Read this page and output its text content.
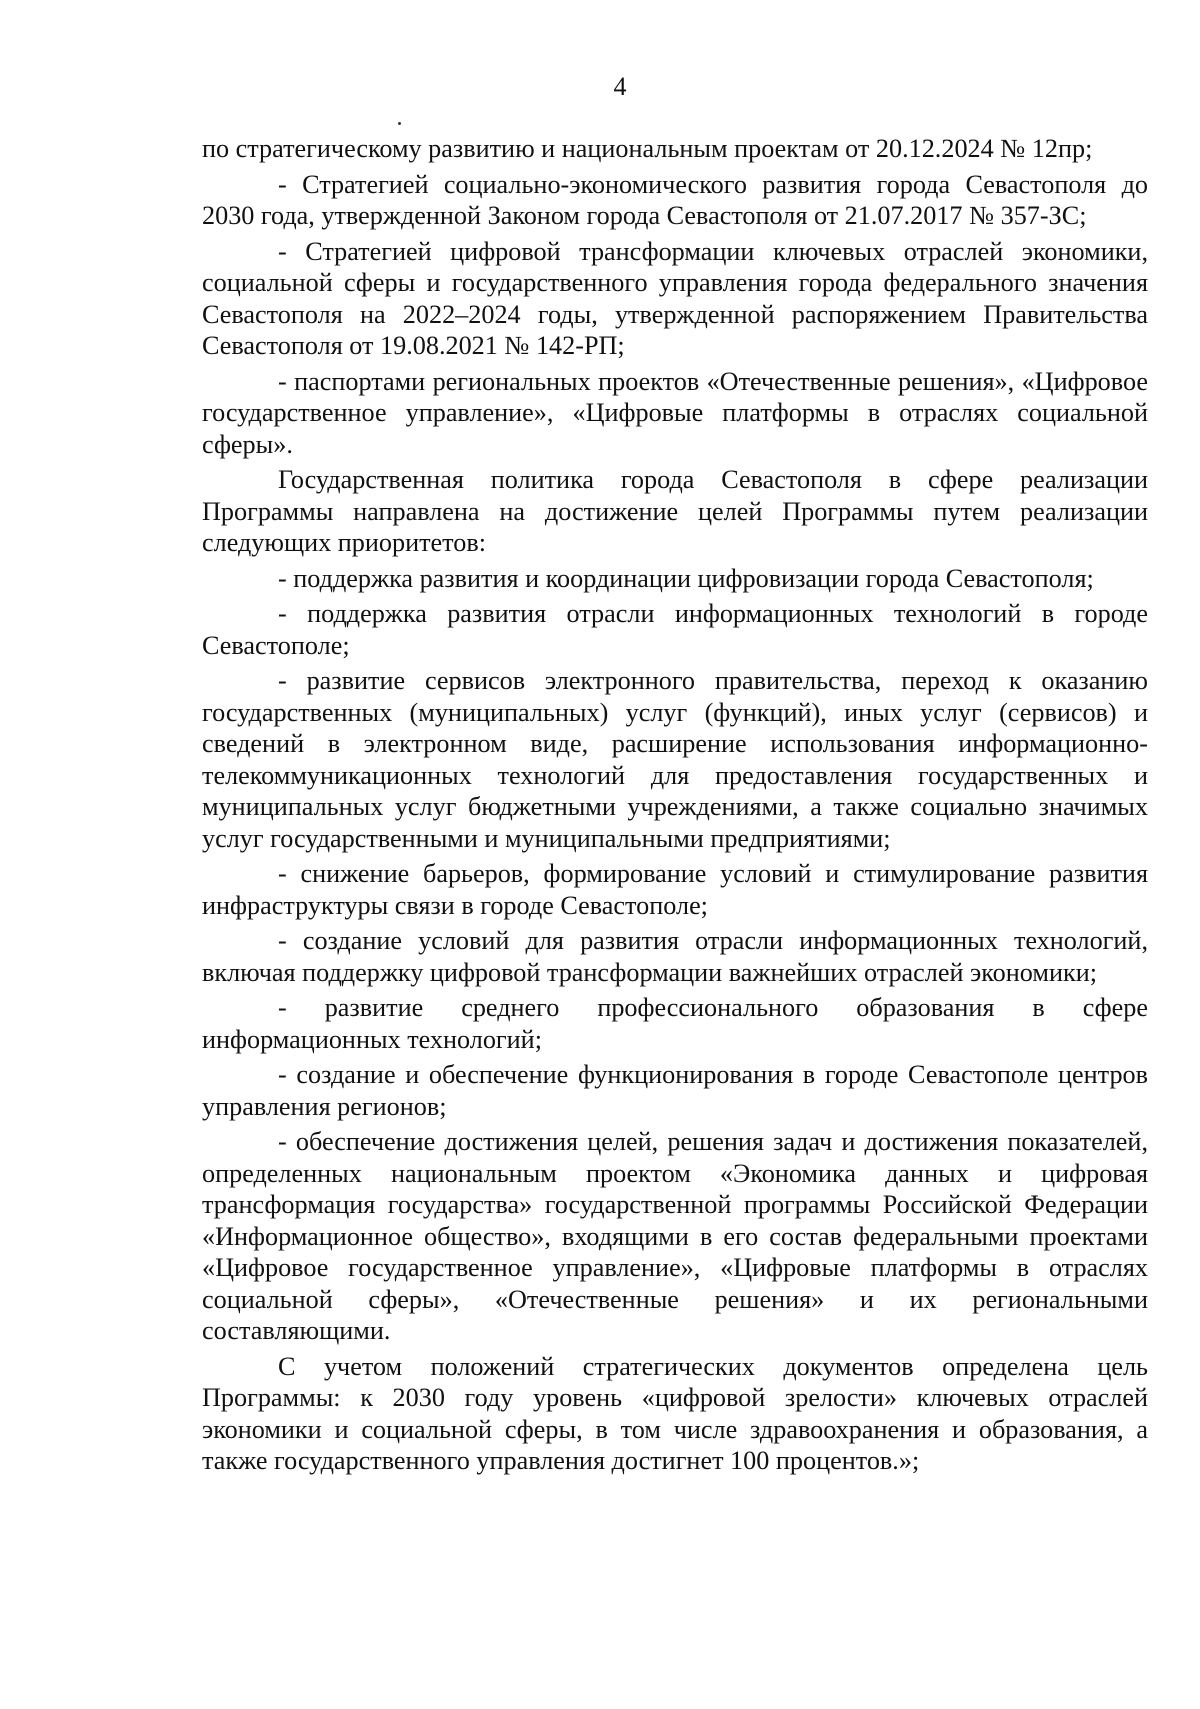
4

по стратегическому развитию и национальным проектам от 20.12.2024 № 12пр;

- Стратегией социально-экономического развития города Севастополя до 2030 года, утвержденной Законом города Севастополя от 21.07.2017 № 357-ЗС;

- Стратегией цифровой трансформации ключевых отраслей экономики, социальной сферы и государственного управления города федерального значения Севастополя на 2022–2024 годы, утвержденной распоряжением Правительства Севастополя от 19.08.2021 № 142-РП;

- паспортами региональных проектов «Отечественные решения», «Цифровое государственное управление», «Цифровые платформы в отраслях социальной сферы».

Государственная политика города Севастополя в сфере реализации Программы направлена на достижение целей Программы путем реализации следующих приоритетов:

- поддержка развития и координации цифровизации города Севастополя;

- поддержка развития отрасли информационных технологий в городе Севастополе;

- развитие сервисов электронного правительства, переход к оказанию государственных (муниципальных) услуг (функций), иных услуг (сервисов) и сведений в электронном виде, расширение использования информационно-телекоммуникационных технологий для предоставления государственных и муниципальных услуг бюджетными учреждениями, а также социально значимых услуг государственными и муниципальными предприятиями;

- снижение барьеров, формирование условий и стимулирование развития инфраструктуры связи в городе Севастополе;

- создание условий для развития отрасли информационных технологий, включая поддержку цифровой трансформации важнейших отраслей экономики;

- развитие среднего профессионального образования в сфере информационных технологий;

- создание и обеспечение функционирования в городе Севастополе центров управления регионов;

- обеспечение достижения целей, решения задач и достижения показателей, определенных национальным проектом «Экономика данных и цифровая трансформация государства» государственной программы Российской Федерации «Информационное общество», входящими в его состав федеральными проектами «Цифровое государственное управление», «Цифровые платформы в отраслях социальной сферы», «Отечественные решения» и их региональными составляющими.

С учетом положений стратегических документов определена цель Программы: к 2030 году уровень «цифровой зрелости» ключевых отраслей экономики и социальной сферы, в том числе здравоохранения и образования, а также государственного управления достигнет 100 процентов.»;
